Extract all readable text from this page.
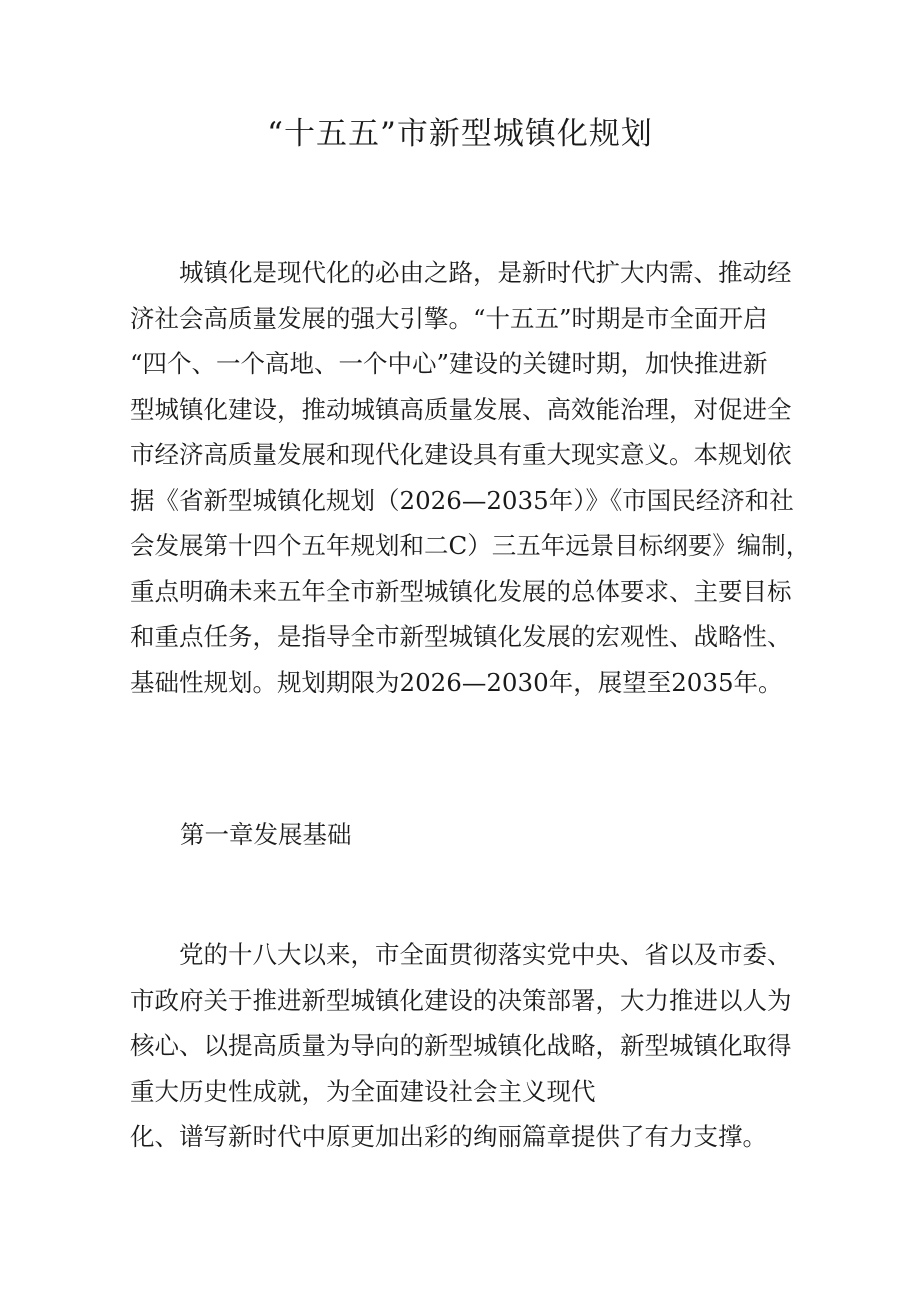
“十五五”市新型城镇化规划
城镇化是现代化的必由之路，是新时代扩大内需、推动经
济社会高质量发展的强大引擎。“十五五”时期是市全面开启
“四个、一个高地、一个中心”建设的关键时期，加快推进新
型城镇化建设，推动城镇高质量发展、高效能治理，对促进全
市经济高质量发展和现代化建设具有重大现实意义。本规划依
据《省新型城镇化规划（2026—2035年）》《市国民经济和社
会发展第十四个五年规划和二C）三五年远景目标纲要》编制，
重点明确未来五年全市新型城镇化发展的总体要求、主要目标
和重点任务，是指导全市新型城镇化发展的宏观性、战略性、
基础性规划。规划期限为2026—2030年，展望至2035年。
第一章发展基础
党的十八大以来，市全面贯彻落实党中央、省以及市委、
市政府关于推进新型城镇化建设的决策部署，大力推进以人为
核心、以提高质量为导向的新型城镇化战略，新型城镇化取得
重大历史性成就，为全面建设社会主义现代
化、谱写新时代中原更加出彩的绚丽篇章提供了有力支撑。
